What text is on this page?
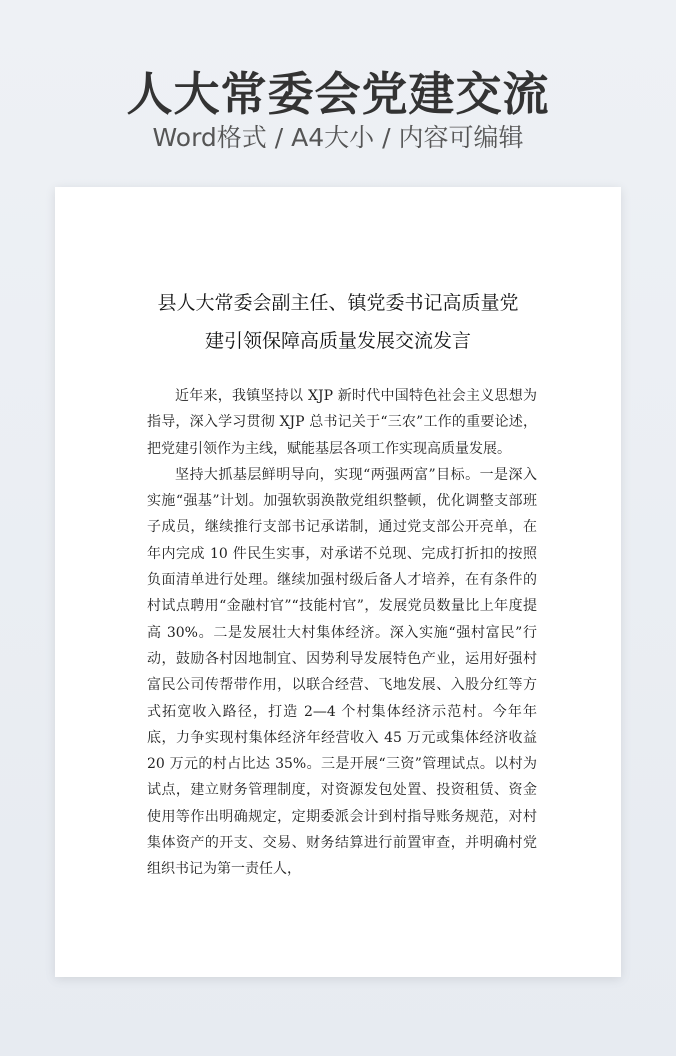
人大常委会党建交流
Word格式 / A4大小 / 内容可编辑
县人大常委会副主任、镇党委书记高质量党
建引领保障高质量发展交流发言

近年来，我镇坚持以 XJP 新时代中国特色社会主义思想为指导，深入学习贯彻 XJP 总书记关于“三农”工作的重要论述，把党建引领作为主线，赋能基层各项工作实现高质量发展。

坚持大抓基层鲜明导向，实现“两强两富”目标。一是深入实施“强基”计划。加强软弱涣散党组织整顿，优化调整支部班子成员，继续推行支部书记承诺制，通过党支部公开亮单，在年内完成 10 件民生实事，对承诺不兑现、完成打折扣的按照负面清单进行处理。继续加强村级后备人才培养，在有条件的村试点聘用“金融村官”“技能村官”，发展党员数量比上年度提高 30%。二是发展壮大村集体经济。深入实施“强村富民”行动，鼓励各村因地制宜、因势利导发展特色产业，运用好强村富民公司传帮带作用，以联合经营、飞地发展、入股分红等方式拓宽收入路径，打造 2—4 个村集体经济示范村。今年年底，力争实现村集体经济年经营收入 45 万元或集体经济收益 20 万元的村占比达 35%。三是开展“三资”管理试点。以村为试点，建立财务管理制度，对资源发包处置、投资租赁、资金使用等作出明确规定，定期委派会计到村指导账务规范，对村集体资产的开支、交易、财务结算进行前置审查，并明确村党组织书记为第一责任人，
